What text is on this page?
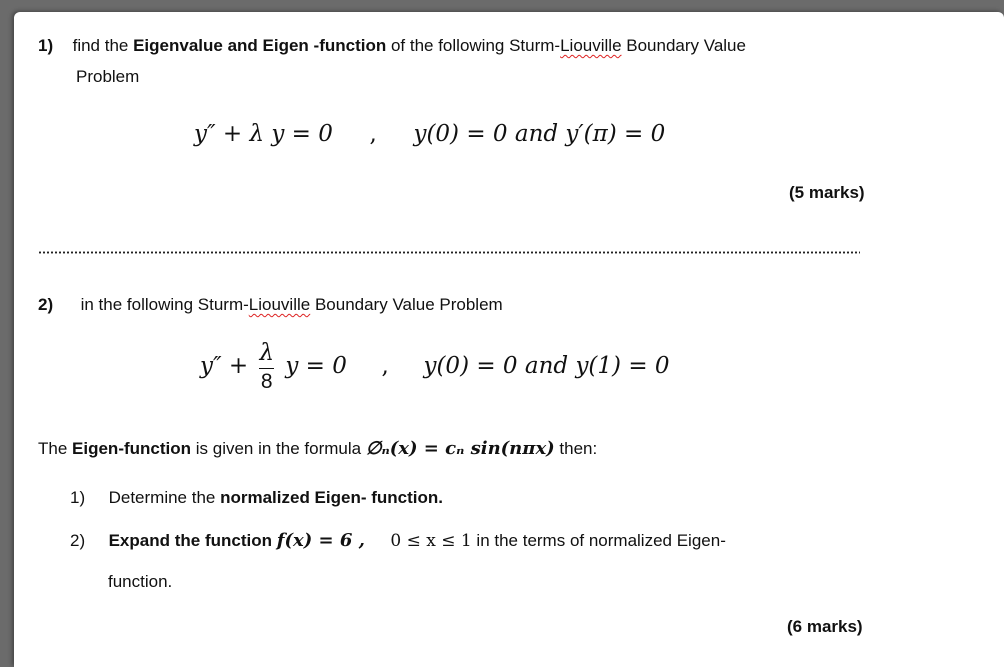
1) find the Eigenvalue and Eigen -function of the following Sturm-Liouville Boundary Value
Problem
y″ + λ y = 0 , y(0) = 0 and y′(π) = 0
(5 marks)
2) in the following Sturm-Liouville Boundary Value Problem
$y'' + \frac{\lambda}{8}$ y = 0 , y(0) = 0 and y(1) = 0
The Eigen-function is given in the formula ∅ₙ(x) = cₙ sin(nπx) then:
1) Determine the normalized Eigen- function.
2) Expand the function f(x) = 6 , 0 ≤ x ≤ 1 in the terms of normalized Eigen-
function.
(6 marks)
